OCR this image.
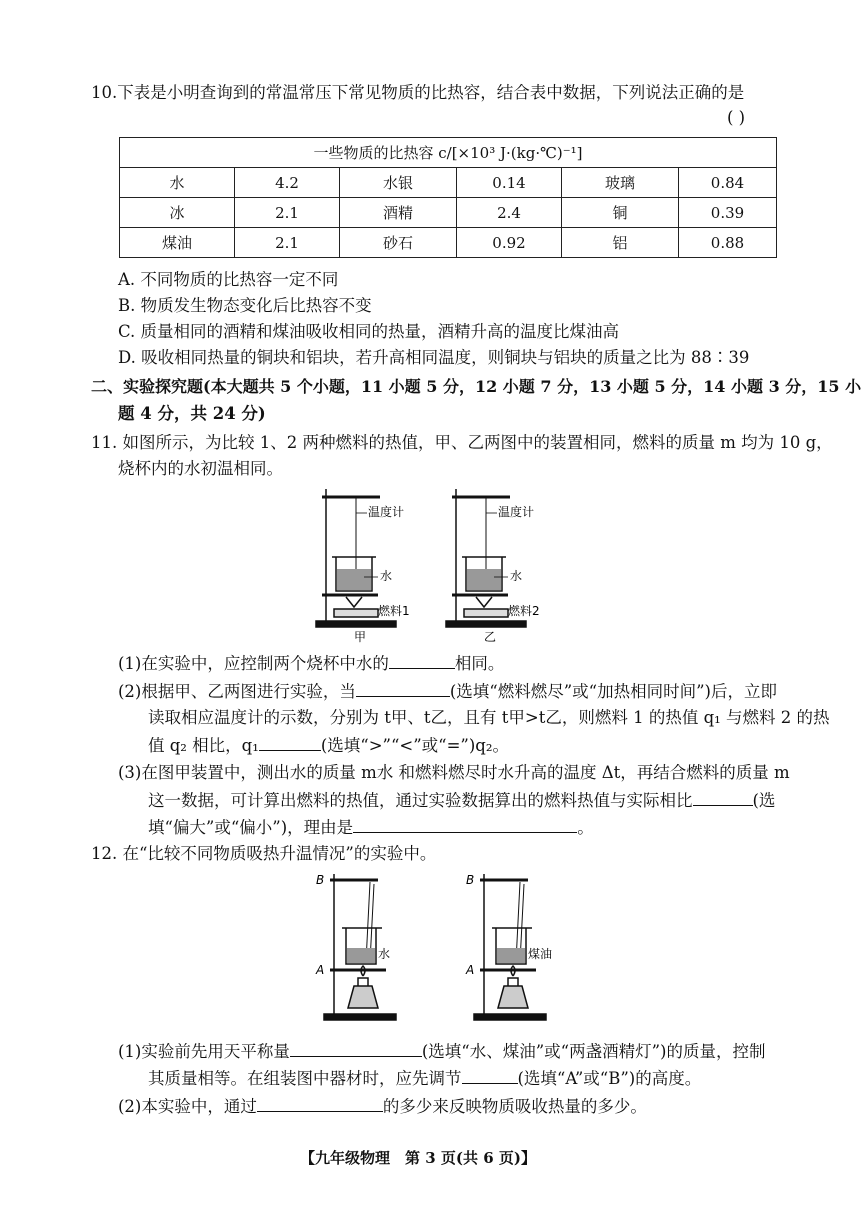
10.下表是小明查询到的常温常压下常见物质的比热容，结合表中数据，下列说法正确的是
( )
一些物质的比热容 c/[×10³ J·(kg·℃)⁻¹]					
水	4.2	水银	0.14	玻璃	0.84
冰	2.1	酒精	2.4	铜	0.39
煤油	2.1	砂石	0.92	铝	0.88
A. 不同物质的比热容一定不同
B. 物质发生物态变化后比热容不变
C. 质量相同的酒精和煤油吸收相同的热量，酒精升高的温度比煤油高
D. 吸收相同热量的铜块和铝块，若升高相同温度，则铜块与铝块的质量之比为 88∶39
二、实验探究题(本大题共 5 个小题，11 小题 5 分，12 小题 7 分，13 小题 5 分，14 小题 3 分，15 小
题 4 分，共 24 分)
11. 如图所示，为比较 1、2 两种燃料的热值，甲、乙两图中的装置相同，燃料的质量 m 均为 10 g，
烧杯内的水初温相同。
温度计
水
燃料1
甲
温度计
水
燃料2
乙
(1)在实验中，应控制两个烧杯中水的	相同。
(2)根据甲、乙两图进行实验，当	(选填“燃料燃尽”或“加热相同时间”)后，立即
读取相应温度计的示数，分别为 t甲、t乙，且有 t甲>t乙，则燃料 1 的热值 q₁ 与燃料 2 的热
值 q₂ 相比，q₁	(选填“>”“<”或“=”)q₂。
(3)在图甲装置中，测出水的质量 m水 和燃料燃尽时水升高的温度 Δt，再结合燃料的质量 m
这一数据，可计算出燃料的热值，通过实验数据算出的燃料热值与实际相比	(选
填“偏大”或“偏小”)，理由是	。
12. 在“比较不同物质吸热升温情况”的实验中。
B
A
水
B
A
煤油
(1)实验前先用天平称量	(选填“水、煤油”或“两盏酒精灯”)的质量，控制
其质量相等。在组装图中器材时，应先调节	(选填“A”或“B”)的高度。
(2)本实验中，通过	的多少来反映物质吸收热量的多少。
【九年级物理　第 3 页(共 6 页)】
